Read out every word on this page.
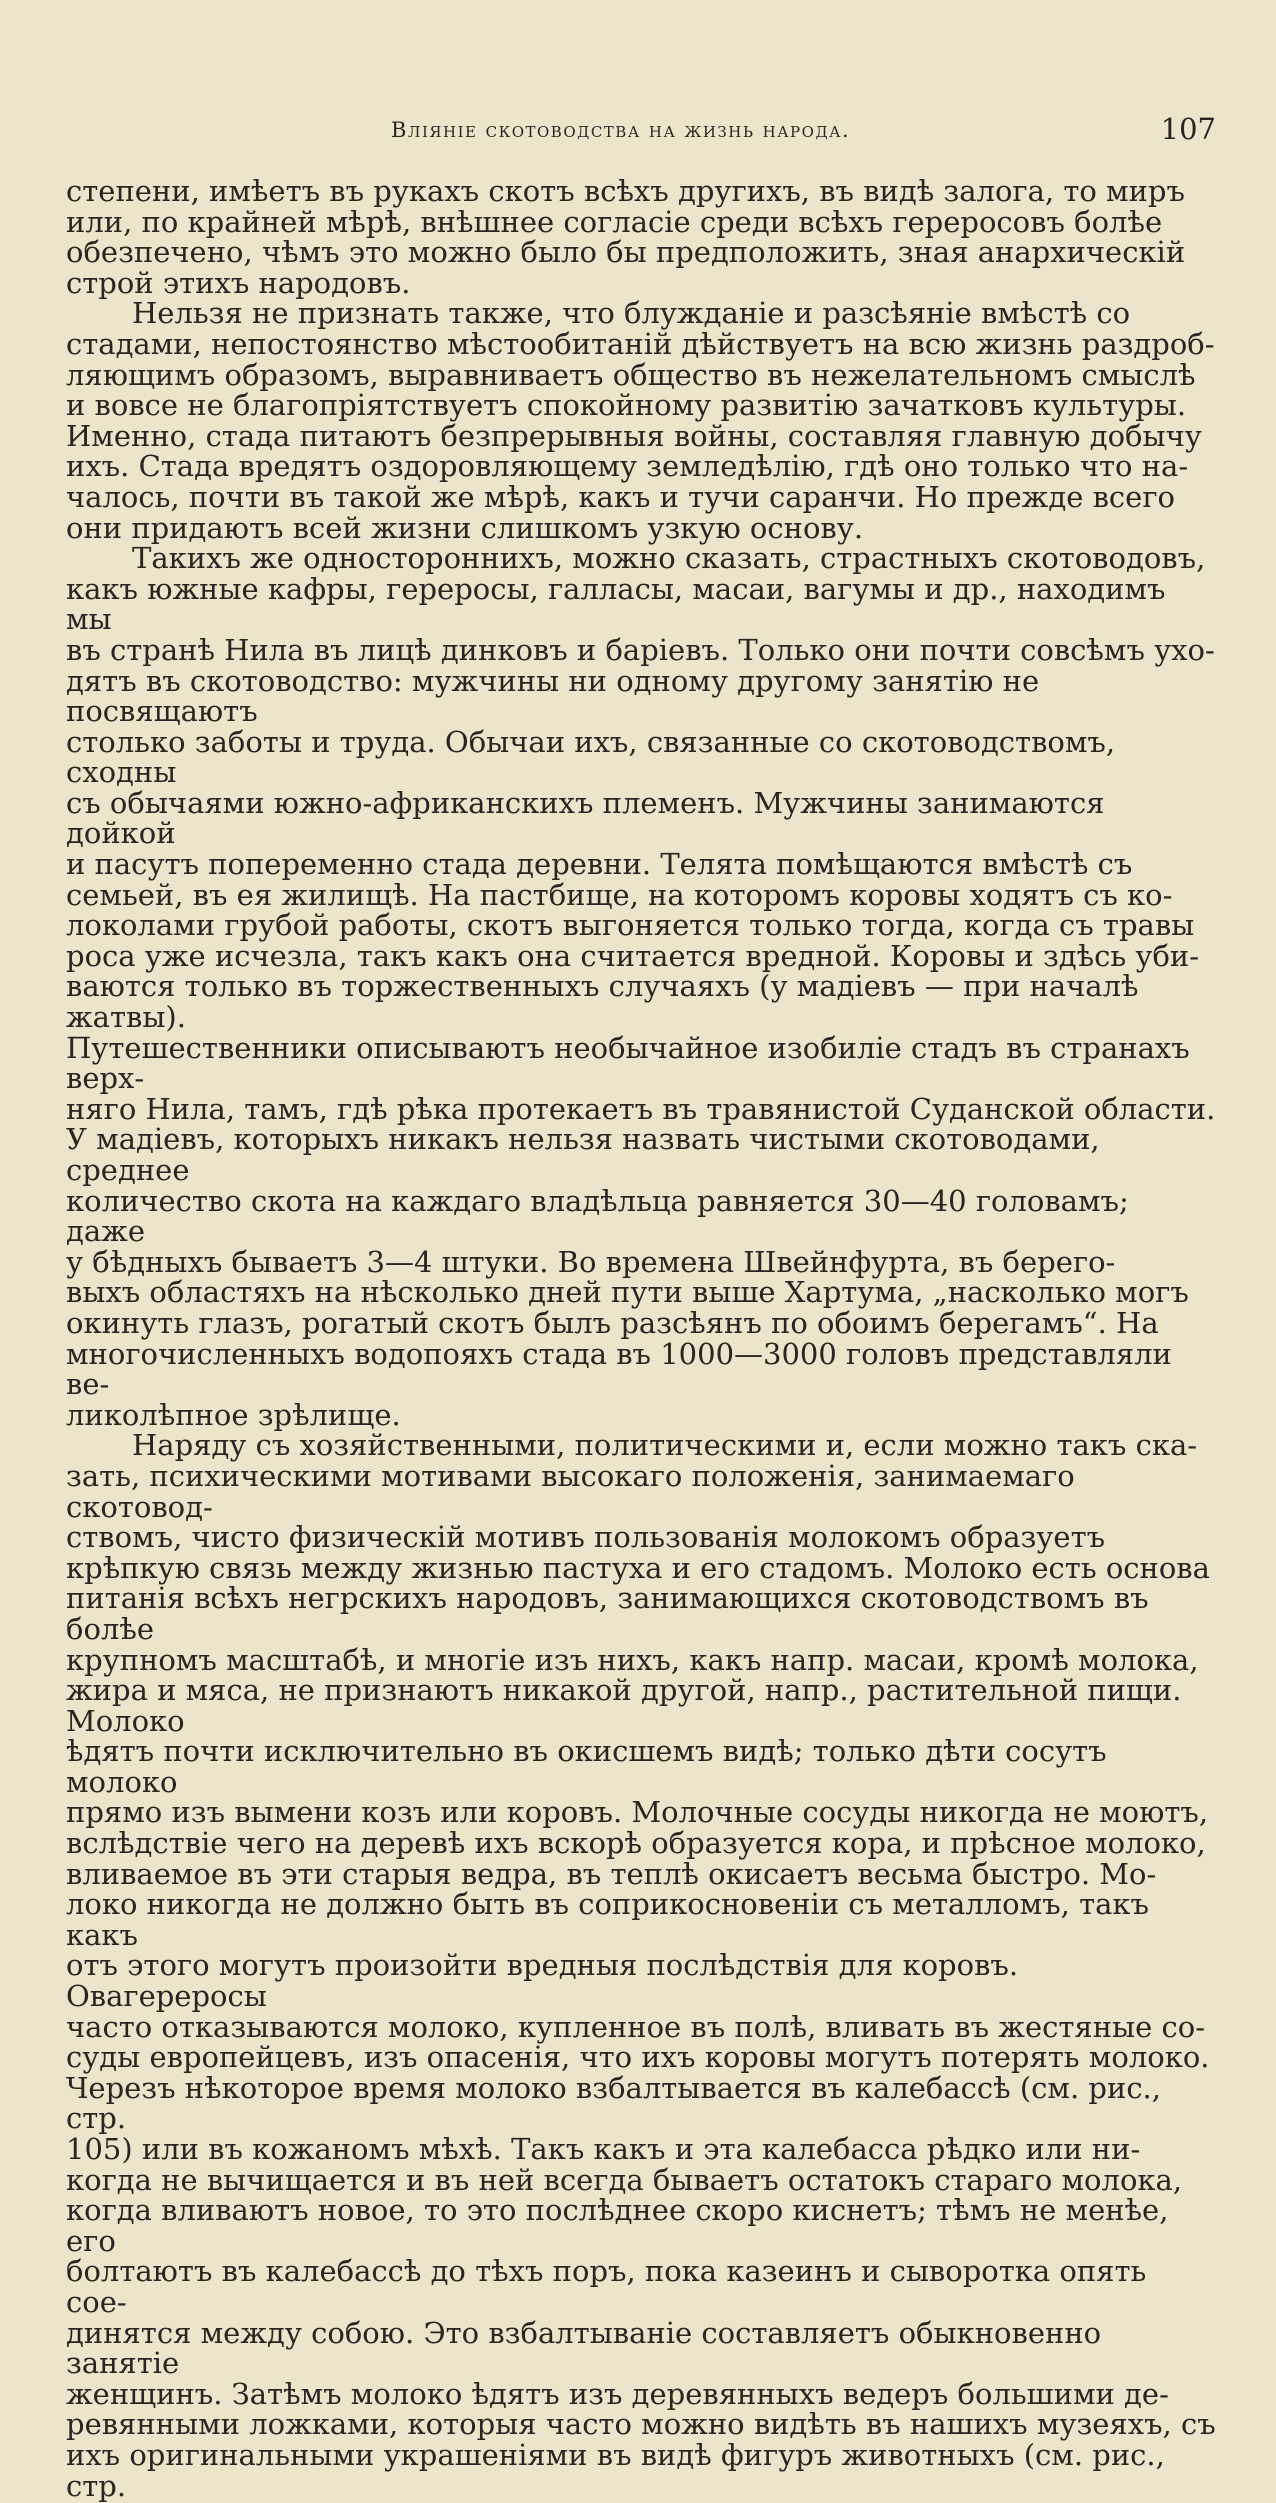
Вліяніе скотоводства на жизнь народа.	107

степени, имѣетъ въ рукахъ скотъ всѣхъ другихъ, въ видѣ залога, то миръ
или, по крайней мѣрѣ, внѣшнее согласіе среди всѣхъ гереросовъ болѣе
обезпечено, чѣмъ это можно было бы предположить, зная анархическій
строй этихъ народовъ.

Нельзя не признать также, что блужданіе и разсѣяніе вмѣстѣ со
стадами, непостоянство мѣстообитаній дѣйствуетъ на всю жизнь раздроб-
ляющимъ образомъ, выравниваетъ общество въ нежелательномъ смыслѣ
и вовсе не благопріятствуетъ спокойному развитію зачатковъ культуры.
Именно, стада питаютъ безпрерывныя войны, составляя главную добычу
ихъ. Стада вредятъ оздоровляющему земледѣлію, гдѣ оно только что на-
чалось, почти въ такой же мѣрѣ, какъ и тучи саранчи. Но прежде всего
они придаютъ всей жизни слишкомъ узкую основу.

Такихъ же одностороннихъ, можно сказать, страстныхъ скотоводовъ,
какъ южные кафры, гереросы, галласы, масаи, вагумы и др., находимъ мы
въ странѣ Нила въ лицѣ динковъ и баріевъ. Только они почти совсѣмъ ухо-
дятъ въ скотоводство: мужчины ни одному другому занятію не посвящаютъ
столько заботы и труда. Обычаи ихъ, связанные со скотоводствомъ, сходны
съ обычаями южно-африканскихъ племенъ. Мужчины занимаются дойкой
и пасутъ попеременно стада деревни. Телята помѣщаются вмѣстѣ съ
семьей, въ ея жилищѣ. На пастбище, на которомъ коровы ходятъ съ ко-
локолами грубой работы, скотъ выгоняется только тогда, когда съ травы
роса уже исчезла, такъ какъ она считается вредной. Коровы и здѣсь уби-
ваются только въ торжественныхъ случаяхъ (у мадіевъ — при началѣ жатвы).
Путешественники описываютъ необычайное изобиліе стадъ въ странахъ верх-
няго Нила, тамъ, гдѣ рѣка протекаетъ въ травянистой Суданской области.
У мадіевъ, которыхъ никакъ нельзя назвать чистыми скотоводами, среднее
количество скота на каждаго владѣльца равняется 30—40 головамъ; даже
у бѣдныхъ бываетъ 3—4 штуки. Во времена Швейнфурта, въ берего-
выхъ областяхъ на нѣсколько дней пути выше Хартума, „насколько могъ
окинуть глазъ, рогатый скотъ былъ разсѣянъ по обоимъ берегамъ“. На
многочисленныхъ водопояхъ стада въ 1000—3000 головъ представляли ве-
ликолѣпное зрѣлище.

Наряду съ хозяйственными, политическими и, если можно такъ ска-
зать, психическими мотивами высокаго положенія, занимаемаго скотовод-
ствомъ, чисто физическій мотивъ пользованія молокомъ образуетъ
крѣпкую связь между жизнью пастуха и его стадомъ. Молоко есть основа
питанія всѣхъ негрскихъ народовъ, занимающихся скотоводствомъ въ болѣе
крупномъ масштабѣ, и многіе изъ нихъ, какъ напр. масаи, кромѣ молока,
жира и мяса, не признаютъ никакой другой, напр., растительной пищи. Молоко
ѣдятъ почти исключительно въ окисшемъ видѣ; только дѣти сосутъ молоко
прямо изъ вымени козъ или коровъ. Молочные сосуды никогда не моютъ,
вслѣдствіе чего на деревѣ ихъ вскорѣ образуется кора, и прѣсное молоко,
вливаемое въ эти старыя ведра, въ теплѣ окисаетъ весьма быстро. Мо-
локо никогда не должно быть въ соприкосновеніи съ металломъ, такъ какъ
отъ этого могутъ произойти вредныя послѣдствія для коровъ. Овагереросы
часто отказываются молоко, купленное въ полѣ, вливать въ жестяные со-
суды европейцевъ, изъ опасенія, что ихъ коровы могутъ потерять молоко.
Черезъ нѣкоторое время молоко взбалтывается въ калебассѣ (см. рис., стр.
105) или въ кожаномъ мѣхѣ. Такъ какъ и эта калебасса рѣдко или ни-
когда не вычищается и въ ней всегда бываетъ остатокъ стараго молока,
когда вливаютъ новое, то это послѣднее скоро киснетъ; тѣмъ не менѣе, его
болтаютъ въ калебассѣ до тѣхъ поръ, пока казеинъ и сыворотка опять сое-
динятся между собою. Это взбалтываніе составляетъ обыкновенно занятіе
женщинъ. Затѣмъ молоко ѣдятъ изъ деревянныхъ ведеръ большими де-
ревянными ложками, которыя часто можно видѣть въ нашихъ музеяхъ, съ
ихъ оригинальными украшеніями въ видѣ фигуръ животныхъ (см. рис., стр.
